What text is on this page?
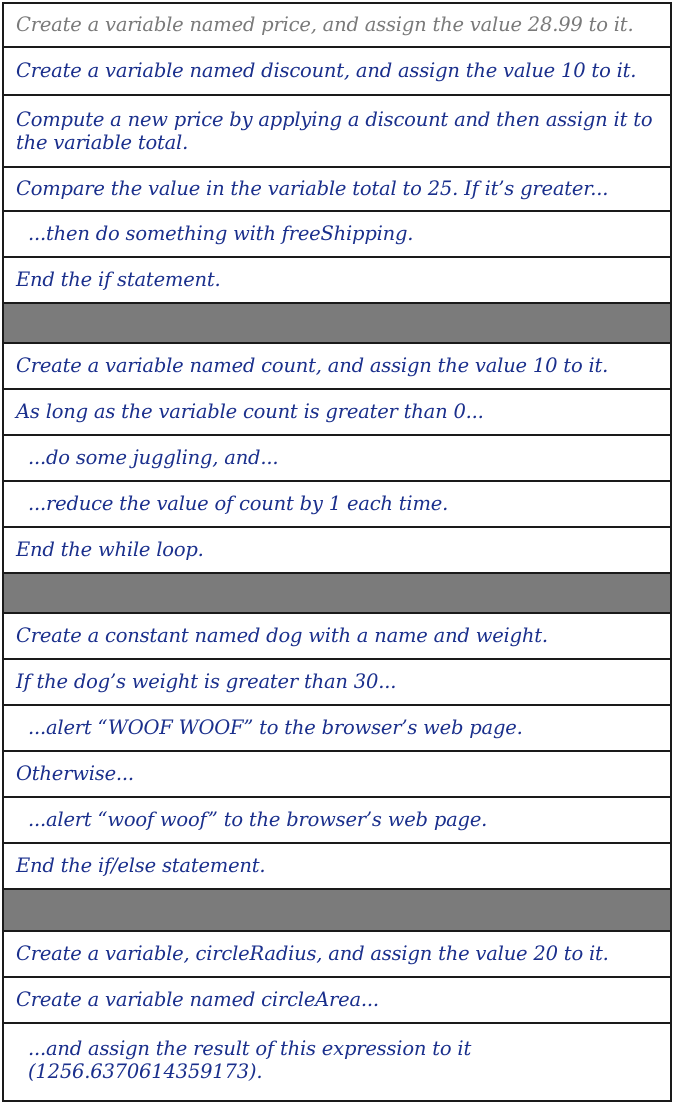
Create a variable named price, and assign the value 28.99 to it.
Create a variable named discount, and assign the value 10 to it.
Compute a new price by applying a discount and then assign it to the variable total.
Compare the value in the variable total to 25. If it’s greater...
...then do something with freeShipping.
End the if statement.
Create a variable named count, and assign the value 10 to it.
As long as the variable count is greater than 0...
...do some juggling, and...
...reduce the value of count by 1 each time.
End the while loop.
Create a constant named dog with a name and weight.
If the dog’s weight is greater than 30...
...alert “WOOF WOOF” to the browser’s web page.
Otherwise...
...alert “woof woof” to the browser’s web page.
End the if/else statement.
Create a variable, circleRadius, and assign the value 20 to it.
Create a variable named circleArea...
...and assign the result of this expression to it (1256.6370614359173).
